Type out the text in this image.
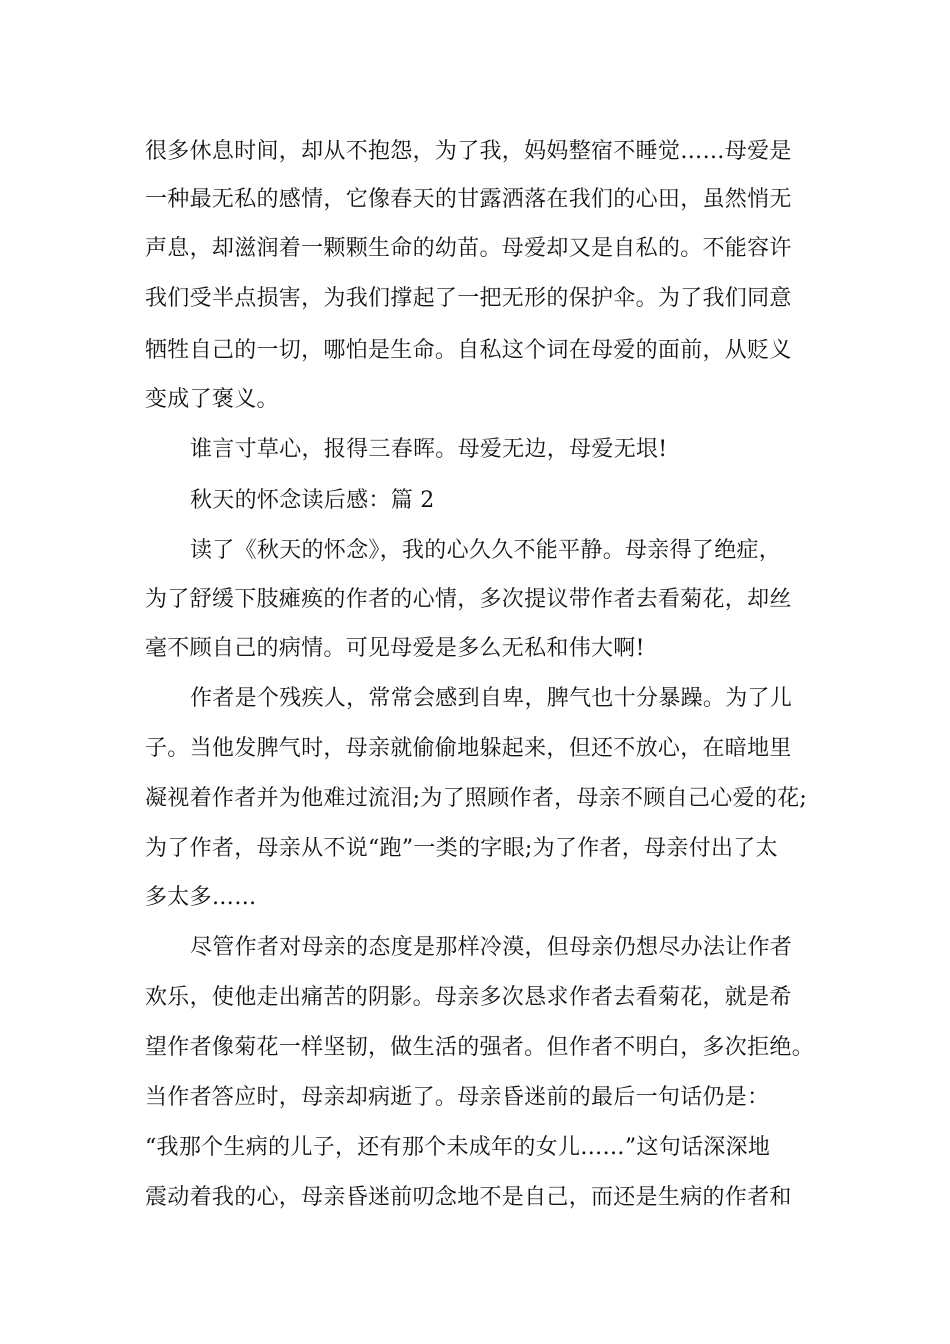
很多休息时间，却从不抱怨，为了我，妈妈整宿不睡觉……母爱是
一种最无私的感情，它像春天的甘露洒落在我们的心田，虽然悄无
声息，却滋润着一颗颗生命的幼苗。母爱却又是自私的。不能容许
我们受半点损害，为我们撑起了一把无形的保护伞。为了我们同意
牺牲自己的一切，哪怕是生命。自私这个词在母爱的面前，从贬义
变成了褒义。
谁言寸草心，报得三春晖。母爱无边，母爱无垠!
秋天的怀念读后感：篇 2
读了《秋天的怀念》，我的心久久不能平静。母亲得了绝症，
为了舒缓下肢瘫痪的作者的心情，多次提议带作者去看菊花，却丝
毫不顾自己的病情。可见母爱是多么无私和伟大啊!
作者是个残疾人，常常会感到自卑，脾气也十分暴躁。为了儿
子。当他发脾气时，母亲就偷偷地躲起来，但还不放心，在暗地里
凝视着作者并为他难过流泪;为了照顾作者，母亲不顾自己心爱的花;
为了作者，母亲从不说“跑”一类的字眼;为了作者，母亲付出了太
多太多……
尽管作者对母亲的态度是那样冷漠，但母亲仍想尽办法让作者
欢乐，使他走出痛苦的阴影。母亲多次恳求作者去看菊花，就是希
望作者像菊花一样坚韧，做生活的强者。但作者不明白，多次拒绝。
当作者答应时，母亲却病逝了。母亲昏迷前的最后一句话仍是：
“我那个生病的儿子，还有那个未成年的女儿……”这句话深深地
震动着我的心，母亲昏迷前叨念地不是自己，而还是生病的作者和
